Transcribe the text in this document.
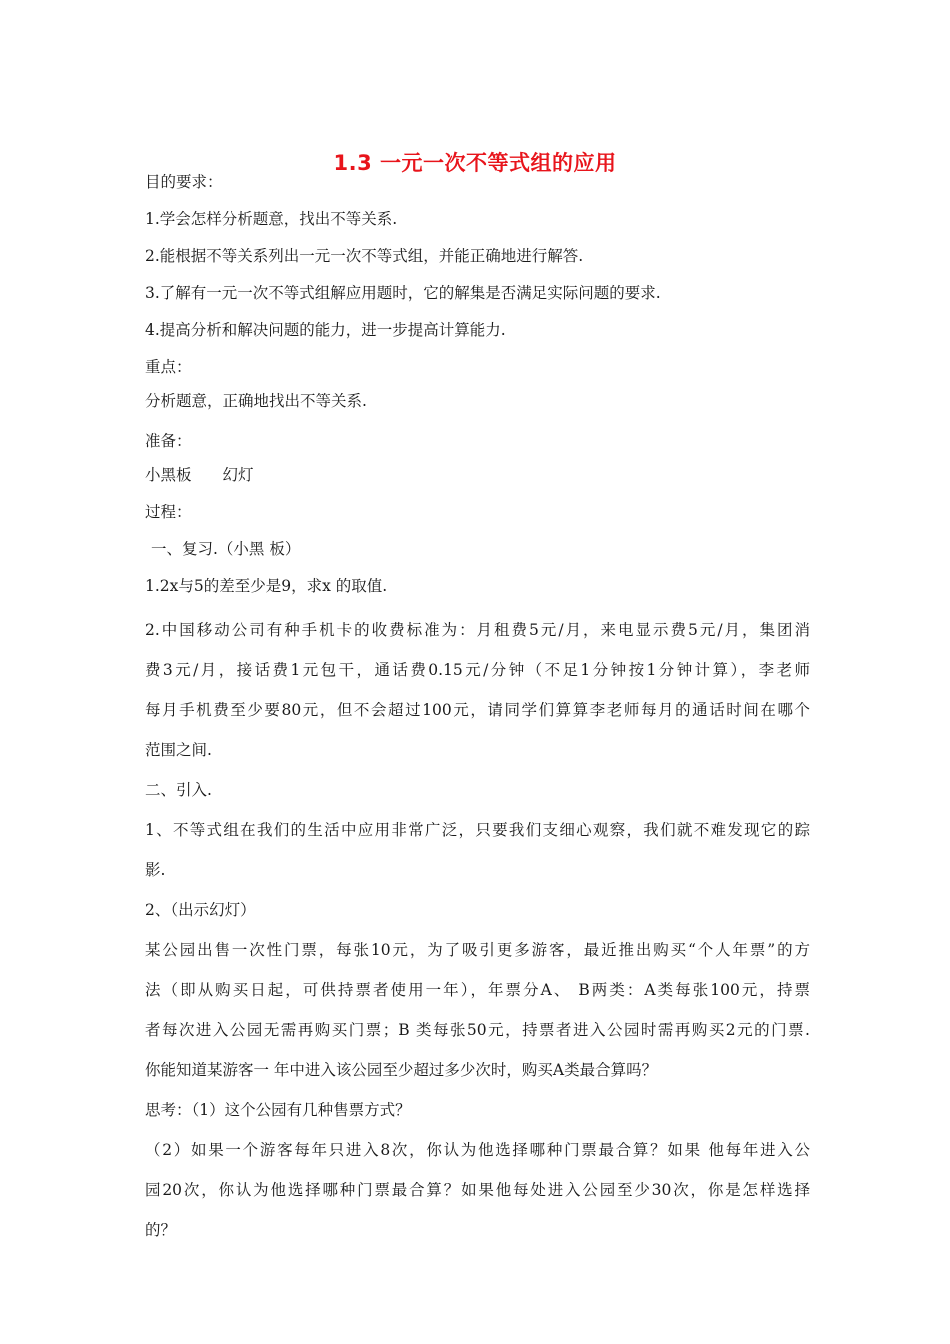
1.3 一元一次不等式组的应用

目的要求：

1.学会怎样分析题意，找出不等关系.

2.能根据不等关系列出一元一次不等式组，并能正确地进行解答.

3.了解有一元一次不等式组解应用题时，它的解集是否满足实际问题的要求.

4.提高分析和解决问题的能力，进一步提高计算能力.

重点：

分析题意，正确地找出不等关系.

准备：

小黑板　　幻灯

过程：

一、复习.（小黑 板）

1.2x与5的差至少是9，求x 的取值.

2.中国移动公司有种手机卡的收费标准为：月租费5元/月，来电显示费5元/月，集团消

费3元/月，接话费1元包干，通话费0.15元/分钟（不足1分钟按1分钟计算），李老师

每月手机费至少要80元，但不会超过100元，请同学们算算李老师每月的通话时间在哪个

范围之间.

二、引入.

1、不等式组在我们的生活中应用非常广泛，只要我们支细心观察，我们就不难发现它的踪

影.

2、（出示幻灯）

某公园出售一次性门票，每张10元，为了吸引更多游客，最近推出购买“个人年票”的方

法（即从购买日起，可供持票者使用一年），年票分A、 B两类：A类每张100元，持票

者每次进入公园无需再购买门票；B 类每张50元，持票者进入公园时需再购买2元的门票.

你能知道某游客一 年中进入该公园至少超过多少次时，购买A类最合算吗？

思考：（1）这个公园有几种售票方式？

（2）如果一个游客每年只进入8次，你认为他选择哪种门票最合算？如果 他每年进入公

园20次，你认为他选择哪种门票最合算？如果他每处进入公园至少30次，你是怎样选择

的？
